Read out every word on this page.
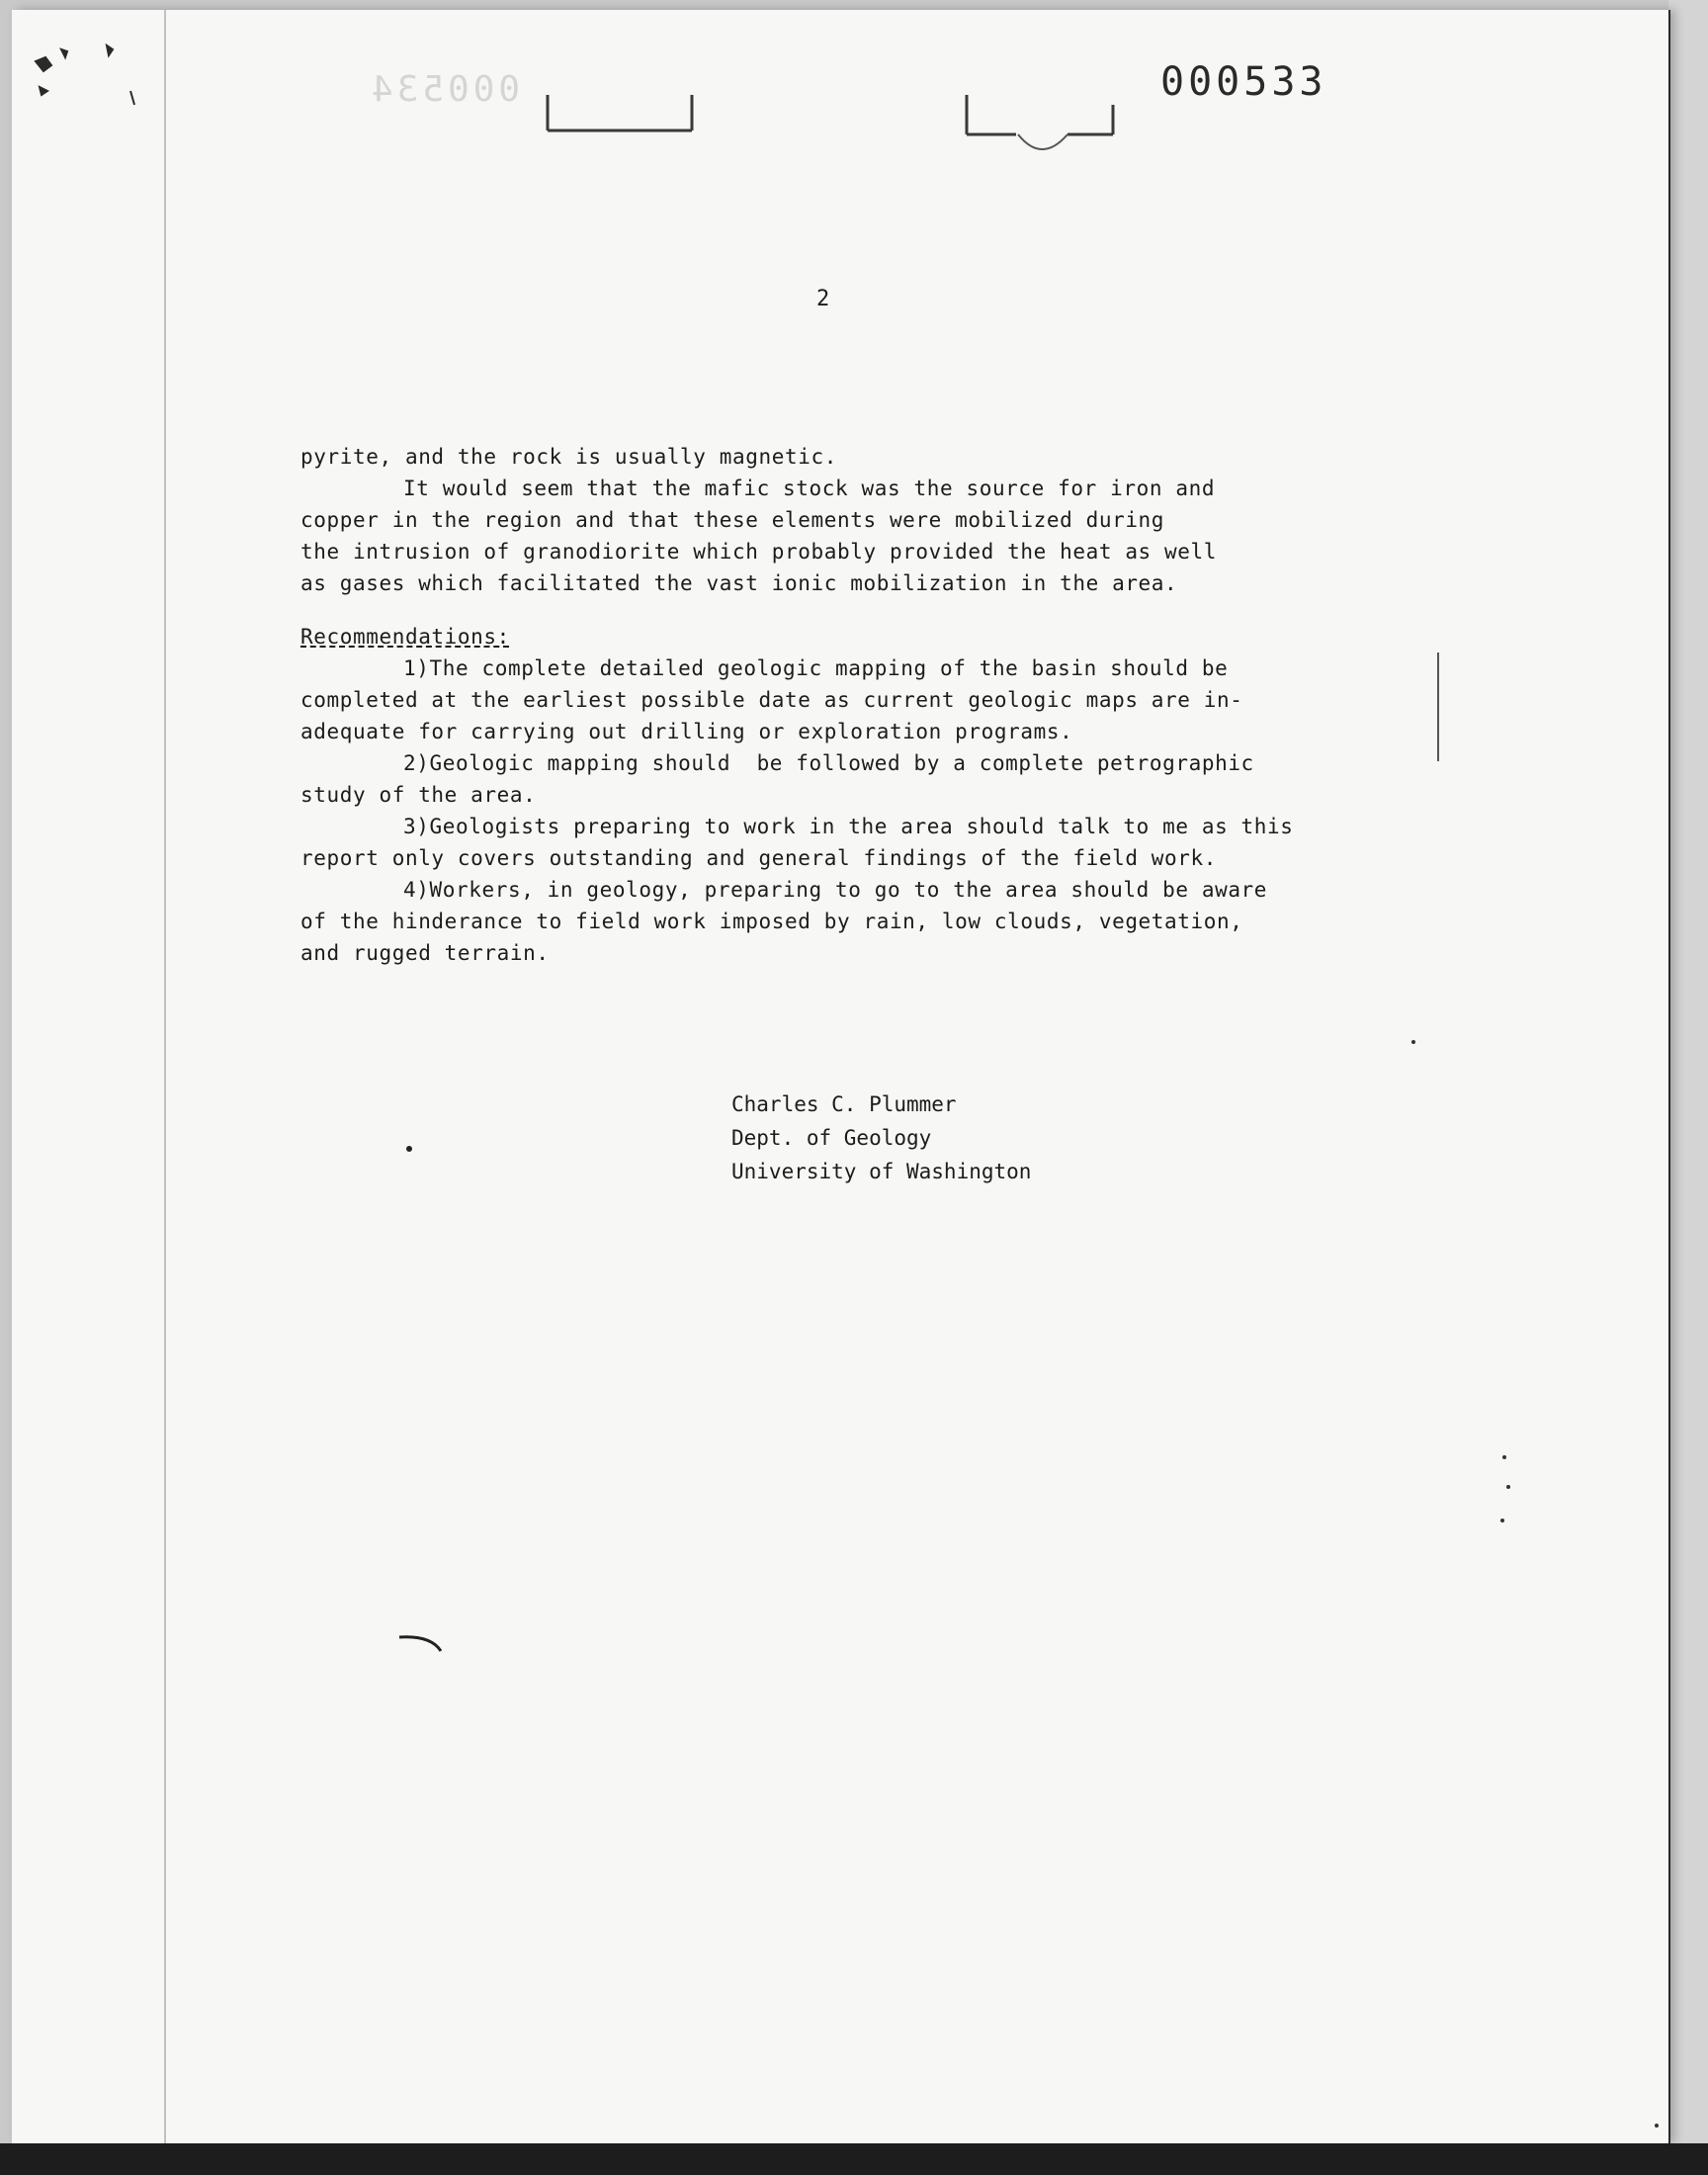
000534	000533
2
pyrite, and the rock is usually magnetic.
It would seem that the mafic stock was the source for iron and
copper in the region and that these elements were mobilized during
the intrusion of granodiorite which probably provided the heat as well
as gases which facilitated the vast ionic mobilization in the area.
Recommendations:
1)The complete detailed geologic mapping of the basin should be
completed at the earliest possible date as current geologic maps are in-
adequate for carrying out drilling or exploration programs.
2)Geologic mapping should  be followed by a complete petrographic
study of the area.
3)Geologists preparing to work in the area should talk to me as this
report only covers outstanding and general findings of the field work.
4)Workers, in geology, preparing to go to the area should be aware
of the hinderance to field work imposed by rain, low clouds, vegetation,
and rugged terrain.
Charles C. Plummer
Dept. of Geology
University of Washington
